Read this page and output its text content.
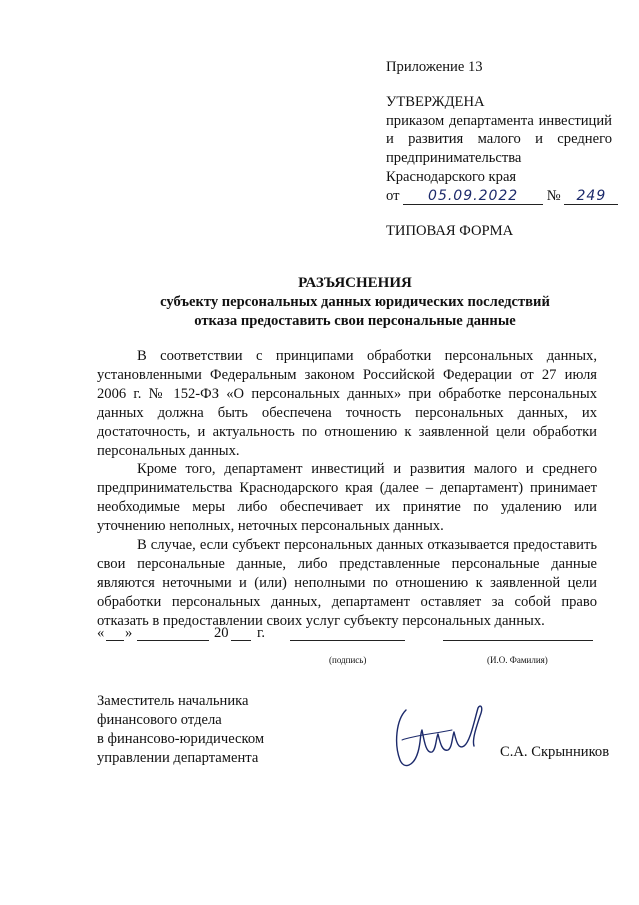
Приложение 13
УТВЕРЖДЕНА
приказом департамента инвестиций
и развития малого и среднего
предпринимательства
Краснодарского края
от 05.09.2022 № 249
ТИПОВАЯ ФОРМА
РАЗЪЯСНЕНИЯ
субъекту персональных данных юридических последствий
отказа предоставить свои персональные данные

В соответствии с принципами обработки персональных данных, установленными Федеральным законом Российской Федерации от 27 июля 2006 г. № 152-ФЗ «О персональных данных» при обработке персональных данных должна быть обеспечена точность персональных данных, их достаточность, и актуальность по отношению к заявленной цели обработки персональных данных.

Кроме того, департамент инвестиций и развития малого и среднего предпринимательства Краснодарского края (далее – департамент) принимает необходимые меры либо обеспечивает их принятие по удалению или уточнению неполных, неточных персональных данных.

В случае, если субъект персональных данных отказывается предоставить свои персональные данные, либо представленные персональные данные являются неточными и (или) неполными по отношению к заявленной цели обработки персональных данных, департамент оставляет за собой право отказать в предоставлении своих услуг субъекту персональных данных.

« »	20 г.
(подпись)	(И.О. Фамилия)
Заместитель начальника
финансового отдела
в финансово-юридическом
управлении департамента	С.А. Скрынников
